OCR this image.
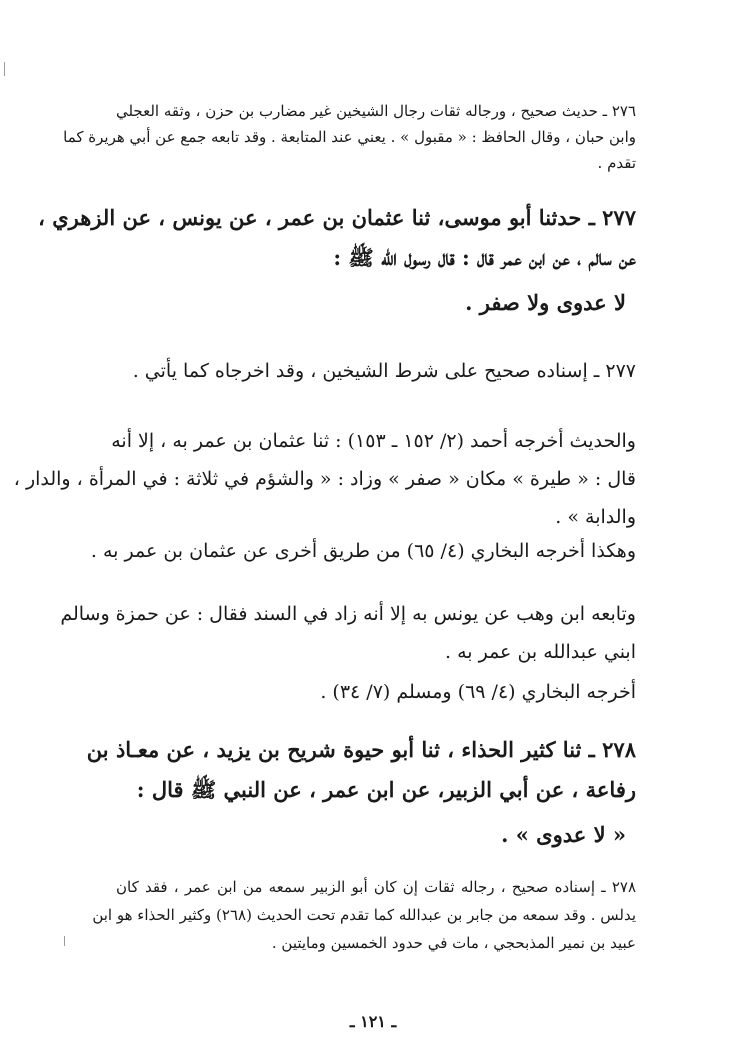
٢٧٦ ـ حديث صحيح ، ورجاله ثقات رجال الشيخين غير مضارب بن حزن ، وثقه العجلي
وابن حبان ، وقال الحافظ : « مقبول » . يعني عند المتابعة . وقد تابعه جمع عن أبي هريرة كما
تقدم .
٢٧٧ ـ حدثنا أبو موسى، ثنا عثمان بن عمر ، عن يونس ، عن الزهري ،
عن سالم ، عن ابن عمر قال : قال رسول الله ﷺ :
لا عدوى ولا صفر .
٢٧٧ ـ إسناده صحيح على شرط الشيخين ، وقد اخرجاه كما يأتي .
والحديث أخرجه أحمد (٢/ ١٥٢ ـ ١٥٣) : ثنا عثمان بن عمر به ، إلا أنه
قال : « طيرة » مكان « صفر » وزاد : « والشؤم في ثلاثة : في المرأة ، والدار ،
والدابة » .
وهكذا أخرجه البخاري (٤/ ٦٥) من طريق أخرى عن عثمان بن عمر به .
وتابعه ابن وهب عن يونس به إلا أنه زاد في السند فقال : عن حمزة وسالم
ابني عبدالله بن عمر به .
أخرجه البخاري (٤/ ٦٩) ومسلم (٧/ ٣٤) .
٢٧٨ ـ ثنا كثير الحذاء ، ثنا أبو حيوة شريح بن يزيد ، عن معـاذ بن
رفاعة ، عن أبي الزبير، عن ابن عمر ، عن النبي ﷺ قال :
« لا عدوى » .
٢٧٨ ـ إسناده صحيح ، رجاله ثقات إن كان أبو الزبير سمعه من ابن عمر ، فقد كان
يدلس . وقد سمعه من جابر بن عبدالله كما تقدم تحت الحديث (٢٦٨) وكثير الحذاء هو ابن
عبيد بن نمير المذبحجي ، مات في حدود الخمسين ومايتين .
ـ ١٢١ ـ
